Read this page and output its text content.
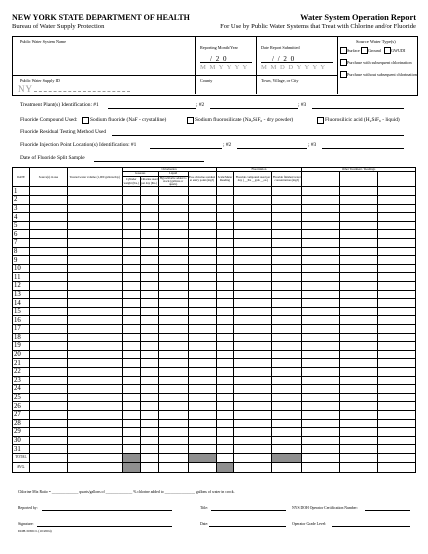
NEW YORK STATE DEPARTMENT OF HEALTH
Bureau of Water Supply Protection
Water System Operation Report
For Use by Public Water Systems that Treat with Chlorine and/or Fluoride
Public Water System Name
Reporting Month/Year
/ 2 0
M M Y Y Y Y
Date Report Submitted
/ / 2 0
M M D D Y Y Y Y
Source Water Type(s)
Surface Ground GWUDI
Purchase with subsequent chlorination
Purchase without subsequent chlorination
Public Water Supply ID
NY
County	Town, Village, or City
Treatment Plant(s) Identification: #1	; #2	; #3
Fluoride Compound Used: Sodium fluoride (NaF - crystalline)	Sodium fluorosilicate (Na₂SiF₆ - dry powder)	Fluorosilicic acid (H₂SiF₆ - liquid)
Fluoride Residual Testing Method Used
Fluoride Injection Point Location(s) Identification: #1	; #2	; #3
Date of Fluoride Split Sample
DATE	Source(s) in use	Treated water volume (1,000 gallons/day)	Chlorination				Fluoridation			Other Treatment / Readings		
			Gaseous		Liquid	Free chlorine residual at entry point (mg/l)	Scale/Meter Reading	Fluoride compound used per day ( __lbs __gals __oz.)	Fluoride finished water concentration (mg/l)			
			Cylinder weight (lbs.)	Chlorine used per day (lbs.)	Hypochlorite added to stock (gallons or quarts)							
1												
2												
3												
4												
5												
6												
7												
8												
9												
10												
11												
12												
13												
14												
15												
16												
17												
18												
19												
20												
21												
22												
23												
24												
25												
26												
27												
28												
29												
30												
31												
TOTAL												
AVG.												
Chlorine Mix Ratio = ______________ quarts/gallons of ______________ % chlorine added to ________________ gallons of water in crock.
Reported by:	Title:	NYS DOH Operator Certification Number:
Signature:	Date:	Operator Grade Level:
DOH-5065CL (10/2004)
